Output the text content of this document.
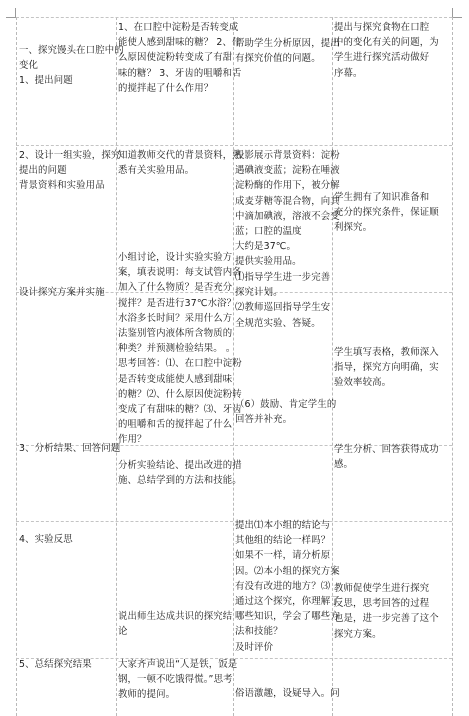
一、探究馒头在口腔中的
变化
1、提出问题
2、设计一组实验，探究
提出的问题
背景资料和实验用品
设计探究方案并实施
3、分析结果、回答问题
4、实验反思
5、总结探究结果
1、在口腔中淀粉是否转变成
能使人感到甜味的糖？ 2、什
么原因使淀粉转变成了有甜
味的糖？ 3、牙齿的咀嚼和舌
的搅拌起了什么作用？
知道教师交代的背景资料，熟
悉有关实验用品。
小组讨论，设计实验实验方
案，填表说明：每支试管内各
加入了什么物质？是否充分
搅拌？是否进行37℃水浴？
水浴多长时间？采用什么方
法鉴别管内液体所含物质的
种类？并预测检验结果。 。
思考回答：⑴、在口腔中淀粉
是否转变成能使人感到甜味
的糖？⑵、什么原因使淀粉转
变成了有甜味的糖？⑶、牙齿
的咀嚼和舌的搅拌起了什么
作用？
分析实验结论、提出改进的措
施、总结学到的方法和技能。
说出师生达成共识的探究结
论
大家齐声说出“人是铁，饭是
钢，一顿不吃饿得慌。”思考
教师的提问。
帮助学生分析原因，提出
有探究价值的问题。
投影展示背景资料：淀粉
遇碘液变蓝；淀粉在唾液
淀粉酶的作用下，被分解
成麦芽糖等混合物，向其
中滴加碘液，溶液不会变
蓝；口腔的温度
大约是37℃。
提供实验用品。
⑴指导学生进一步完善
探究计划。
⑵教师巡回指导学生安
全规范实验、答疑。
（6）鼓励、肯定学生的
回答并补充。
提出⑴本小组的结论与
其他组的结论一样吗？
如果不一样，请分析原
因。⑵本小组的探究方案
有没有改进的地方？⑶
通过这个探究，你理解了
哪些知识，学会了哪些方
法和技能？
及时评价
俗语激趣，设疑导入。问
提出与探究食物在口腔
中的变化有关的问题，为
学生进行探究活动做好
序幕。
学生拥有了知识准备和
充分的探究条件，保证顺
利探究。
学生填写表格，教师深入
指导，探究方向明确，实
验效率较高。
学生分析、回答获得成功
感。
教师促使学生进行探究
反思，思考回答的过程
也是，进一步完善了这个
探究方案。
